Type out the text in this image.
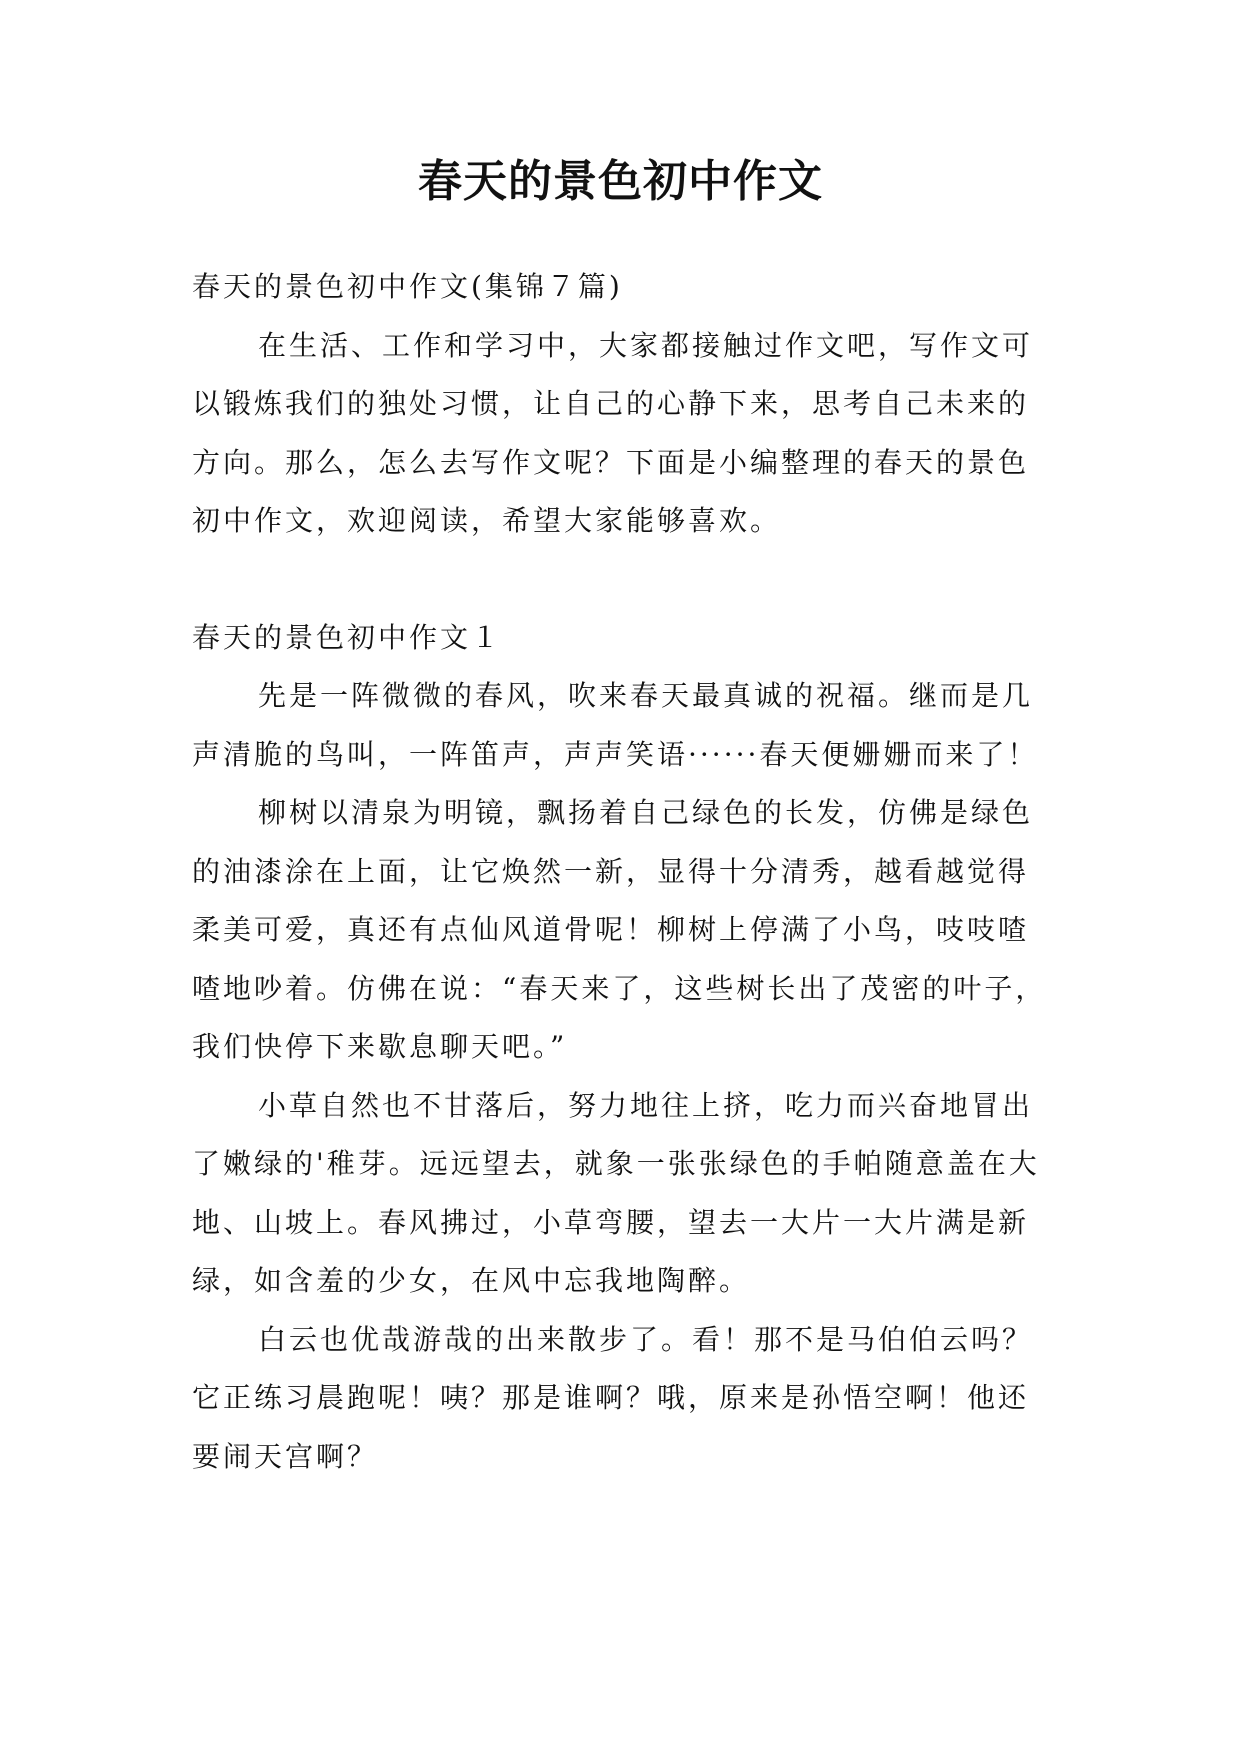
春天的景色初中作文

春天的景色初中作文(集锦７篇)

在生活、工作和学习中，大家都接触过作文吧，写作文可以锻炼我们的独处习惯，让自己的心静下来，思考自己未来的方向。那么，怎么去写作文呢？下面是小编整理的春天的景色初中作文，欢迎阅读，希望大家能够喜欢。

春天的景色初中作文１

先是一阵微微的春风，吹来春天最真诚的祝福。继而是几声清脆的鸟叫，一阵笛声，声声笑语······春天便姗姗而来了！

柳树以清泉为明镜，飘扬着自己绿色的长发，仿佛是绿色的油漆涂在上面，让它焕然一新，显得十分清秀，越看越觉得柔美可爱，真还有点仙风道骨呢！柳树上停满了小鸟，吱吱喳喳地吵着。仿佛在说：“春天来了，这些树长出了茂密的叶子，我们快停下来歇息聊天吧。”

小草自然也不甘落后，努力地往上挤，吃力而兴奋地冒出了嫩绿的'稚芽。远远望去，就象一张张绿色的手帕随意盖在大地、山坡上。春风拂过，小草弯腰，望去一大片一大片满是新绿，如含羞的少女，在风中忘我地陶醉。

白云也优哉游哉的出来散步了。看！那不是马伯伯云吗？它正练习晨跑呢！咦？那是谁啊？哦，原来是孙悟空啊！他还要闹天宫啊？
